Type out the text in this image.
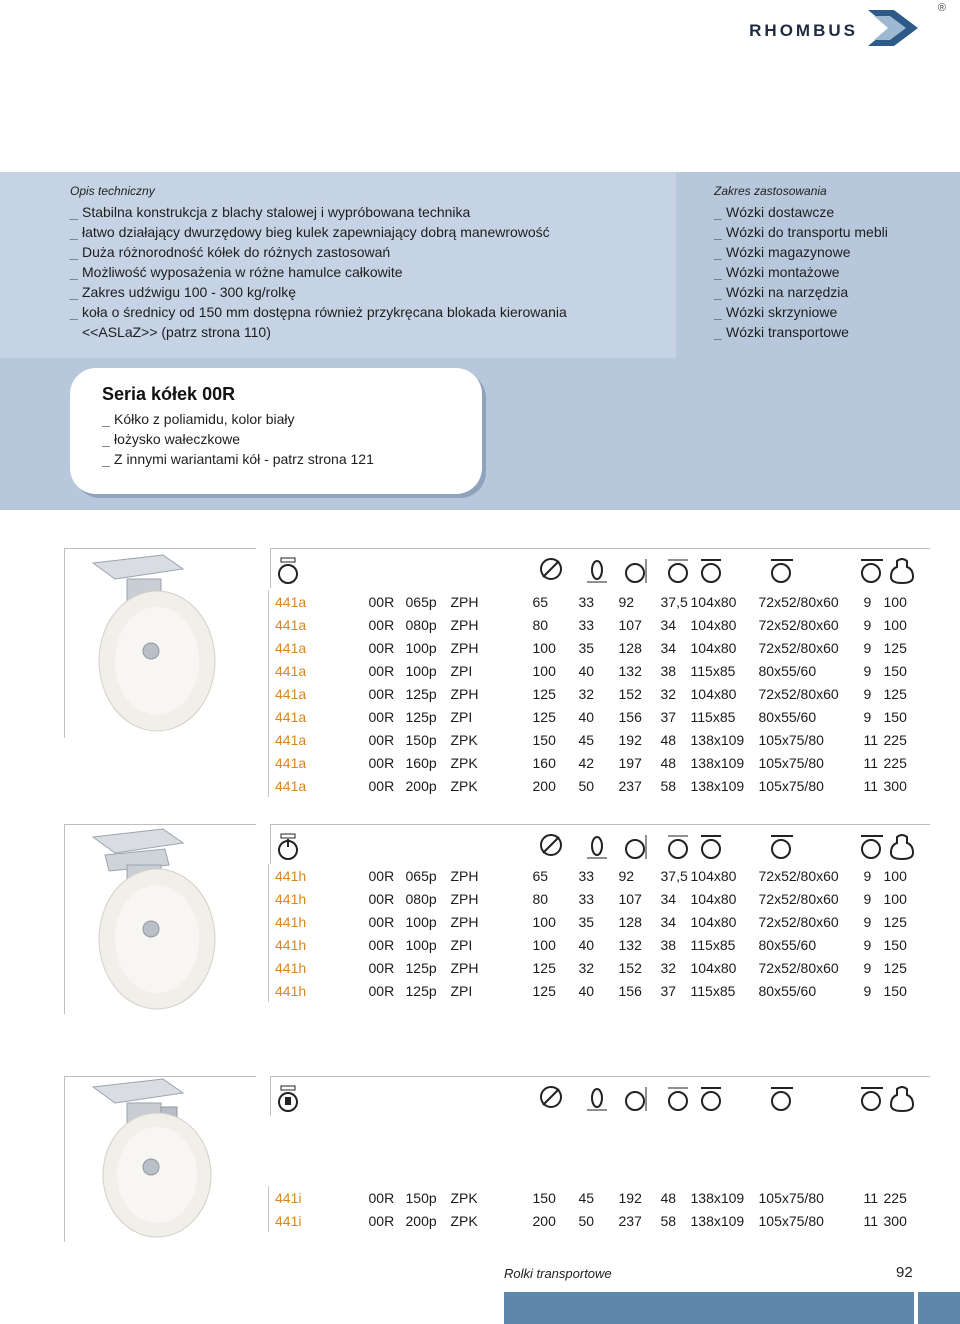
RHOMBUS
®
Opis techniczny
_ Stabilna konstrukcja z blachy stalowej i wypróbowana technika
_ łatwo działający dwurzędowy bieg kulek zapewniający dobrą manewrowość
_ Duża różnorodność kółek do różnych zastosowań
_ Możliwość wyposażenia w różne hamulce całkowite
_ Zakres udźwigu 100 - 300 kg/rolkę
_ koła o średnicy od 150 mm dostępna również przykręcana blokada kierowania
<<ASLaZ>> (patrz strona 110)
Zakres zastosowania
_ Wózki dostawcze
_ Wózki do transportu mebli
_ Wózki magazynowe
_ Wózki montażowe
_ Wózki na narzędzia
_ Wózki skrzyniowe
_ Wózki transportowe
Seria kółek 00R
_ Kółko z poliamidu, kolor biały
_ łożysko wałeczkowe
_ Z innymi wariantami kół - patrz strona 121
441a	00R	065p	ZPH	65	33	92	37,5	104x80	72x52/80x60	9	100
441a	00R	080p	ZPH	80	33	107	34	104x80	72x52/80x60	9	100
441a	00R	100p	ZPH	100	35	128	34	104x80	72x52/80x60	9	125
441a	00R	100p	ZPI	100	40	132	38	115x85	80x55/60	9	150
441a	00R	125p	ZPH	125	32	152	32	104x80	72x52/80x60	9	125
441a	00R	125p	ZPI	125	40	156	37	115x85	80x55/60	9	150
441a	00R	150p	ZPK	150	45	192	48	138x109	105x75/80	11	225
441a	00R	160p	ZPK	160	42	197	48	138x109	105x75/80	11	225
441a	00R	200p	ZPK	200	50	237	58	138x109	105x75/80	11	300
441h	00R	065p	ZPH	65	33	92	37,5	104x80	72x52/80x60	9	100
441h	00R	080p	ZPH	80	33	107	34	104x80	72x52/80x60	9	100
441h	00R	100p	ZPH	100	35	128	34	104x80	72x52/80x60	9	125
441h	00R	100p	ZPI	100	40	132	38	115x85	80x55/60	9	150
441h	00R	125p	ZPH	125	32	152	32	104x80	72x52/80x60	9	125
441h	00R	125p	ZPI	125	40	156	37	115x85	80x55/60	9	150
441i	00R	150p	ZPK	150	45	192	48	138x109	105x75/80	11	225
441i	00R	200p	ZPK	200	50	237	58	138x109	105x75/80	11	300
Rolki transportowe	92
